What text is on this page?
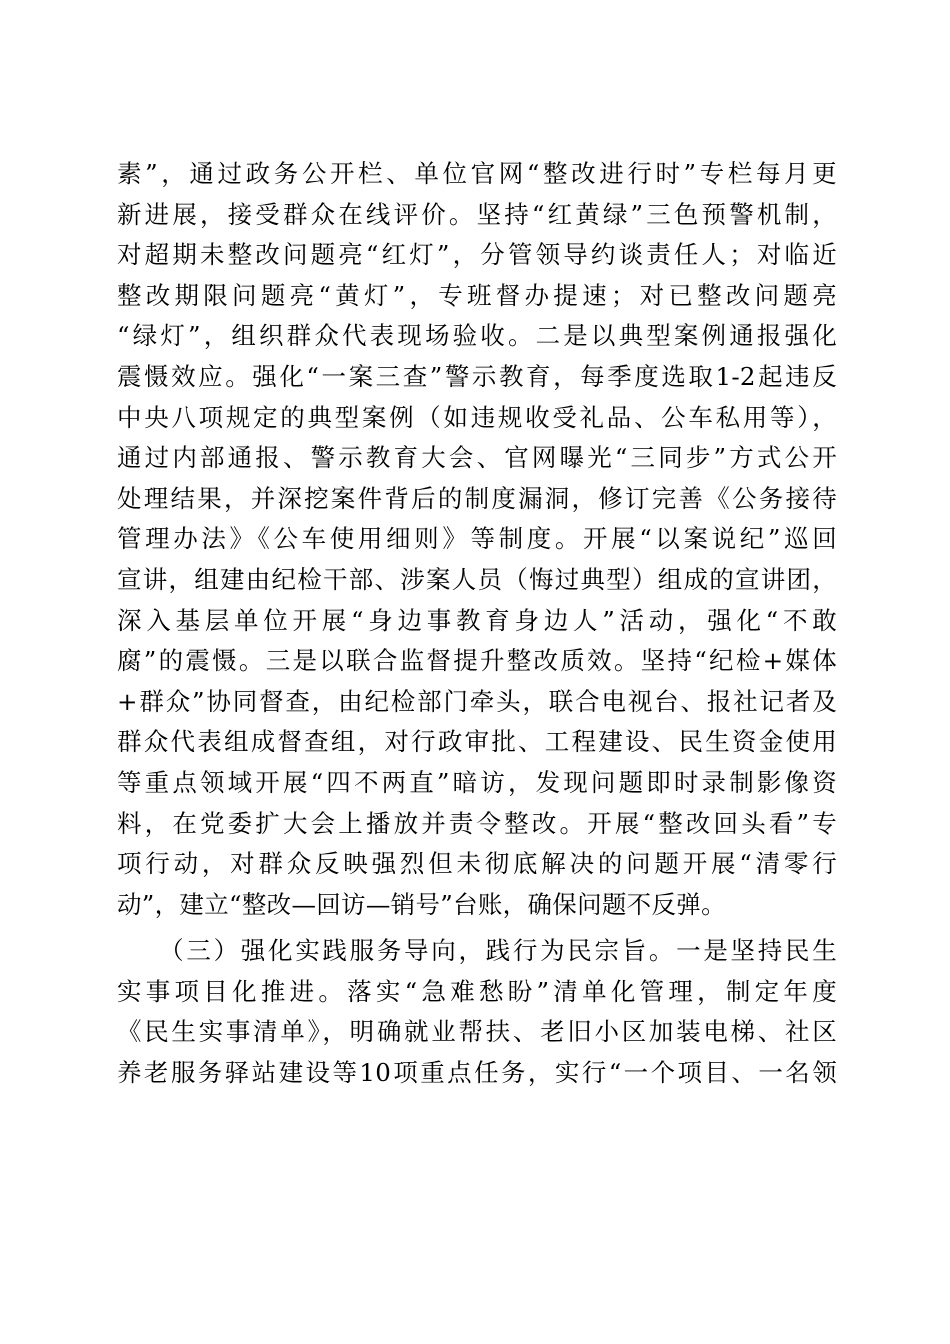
素”，通过政务公开栏、单位官网“整改进行时”专栏每月更
新进展，接受群众在线评价。坚持“红黄绿”三色预警机制，
对超期未整改问题亮“红灯”，分管领导约谈责任人；对临近
整改期限问题亮“黄灯”，专班督办提速；对已整改问题亮
“绿灯”，组织群众代表现场验收。二是以典型案例通报强化
震慑效应。强化“一案三查”警示教育，每季度选取1-2起违反
中央八项规定的典型案例（如违规收受礼品、公车私用等），
通过内部通报、警示教育大会、官网曝光“三同步”方式公开
处理结果，并深挖案件背后的制度漏洞，修订完善《公务接待
管理办法》《公车使用细则》等制度。开展“以案说纪”巡回
宣讲，组建由纪检干部、涉案人员（悔过典型）组成的宣讲团，
深入基层单位开展“身边事教育身边人”活动，强化“不敢
腐”的震慑。三是以联合监督提升整改质效。坚持“纪检+媒体
+群众”协同督查，由纪检部门牵头，联合电视台、报社记者及
群众代表组成督查组，对行政审批、工程建设、民生资金使用
等重点领域开展“四不两直”暗访，发现问题即时录制影像资
料，在党委扩大会上播放并责令整改。开展“整改回头看”专
项行动，对群众反映强烈但未彻底解决的问题开展“清零行
动”，建立“整改—回访—销号”台账，确保问题不反弹。
　　（三）强化实践服务导向，践行为民宗旨。一是坚持民生
实事项目化推进。落实“急难愁盼”清单化管理，制定年度
《民生实事清单》，明确就业帮扶、老旧小区加装电梯、社区
养老服务驿站建设等10项重点任务，实行“一个项目、一名领
